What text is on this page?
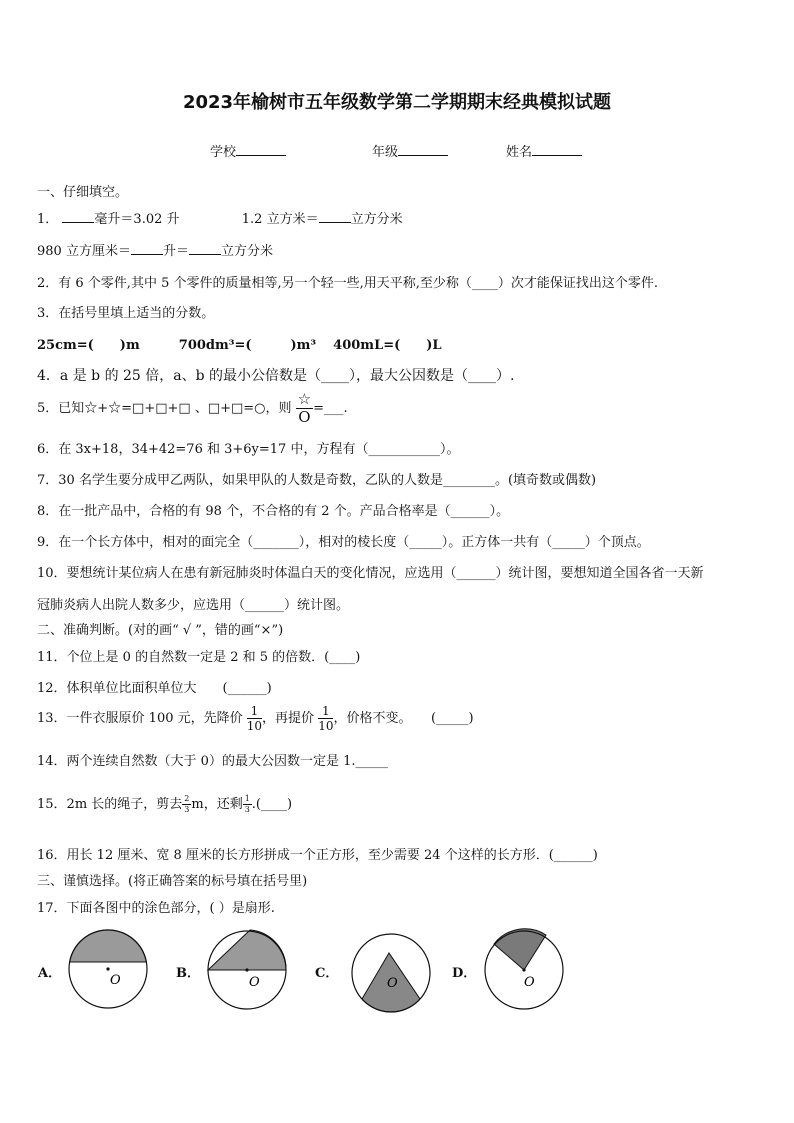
2023年榆树市五年级数学第二学期期末经典模拟试题
学校	年级	姓名
一、仔细填空。
1．	毫升＝3.02 升	1.2 立方米＝ 立方分米
980 立方厘米＝ 升＝ 立方分米
2．有 6 个零件,其中 5 个零件的质量相等,另一个轻一些,用天平称,至少称（____）次才能保证找出这个零件.
3．在括号里填上适当的分数。
25cm=(　　)m	700dm³=(　　　)m³ 400mL=(　　)L
4．a 是 b 的 25 倍，a、b 的最小公倍数是（____），最大公因数是（____）.
5．已知☆+☆=□+□+□ 、□+□=○，则 $\frac{☆}{O}$ =___.
6．在 3x+18，34+42=76 和 3+6y=17 中，方程有（___________）。
7．30 名学生要分成甲乙两队，如果甲队的人数是奇数，乙队的人数是________。(填奇数或偶数)
8．在一批产品中，合格的有 98 个，不合格的有 2 个。产品合格率是（______）。
9．在一个长方体中，相对的面完全（_______），相对的棱长度（_____）。正方体一共有（_____）个顶点。
10．要想统计某位病人在患有新冠肺炎时体温白天的变化情况，应选用（______）统计图，要想知道全国各省一天新
冠肺炎病人出院人数多少，应选用（______）统计图。
二、准确判断。(对的画“ √ ”，错的画“×”)
11．个位上是 0 的自然数一定是 2 和 5 的倍数．(____)
12．体积单位比面积单位大　　(______)
13．一件衣服原价 100 元，先降价 $\frac{1}{10}$ ，再提价 $\frac{1}{10}$ ，价格不变。　　(_____)
14．两个连续自然数（大于 0）的最大公因数一定是 1._____
15．2m 长的绳子，剪去 $\frac{2}{3}$ m，还剩 $\frac{1}{3}$ .(____)
16．用长 12 厘米、宽 8 厘米的长方形拼成一个正方形，至少需要 24 个这样的长方形．(______)
三、谨慎选择。(将正确答案的标号填在括号里)
17．下面各图中的涂色部分，( ）是扇形.
A．	B．	C．	D．
O	O	O	O
